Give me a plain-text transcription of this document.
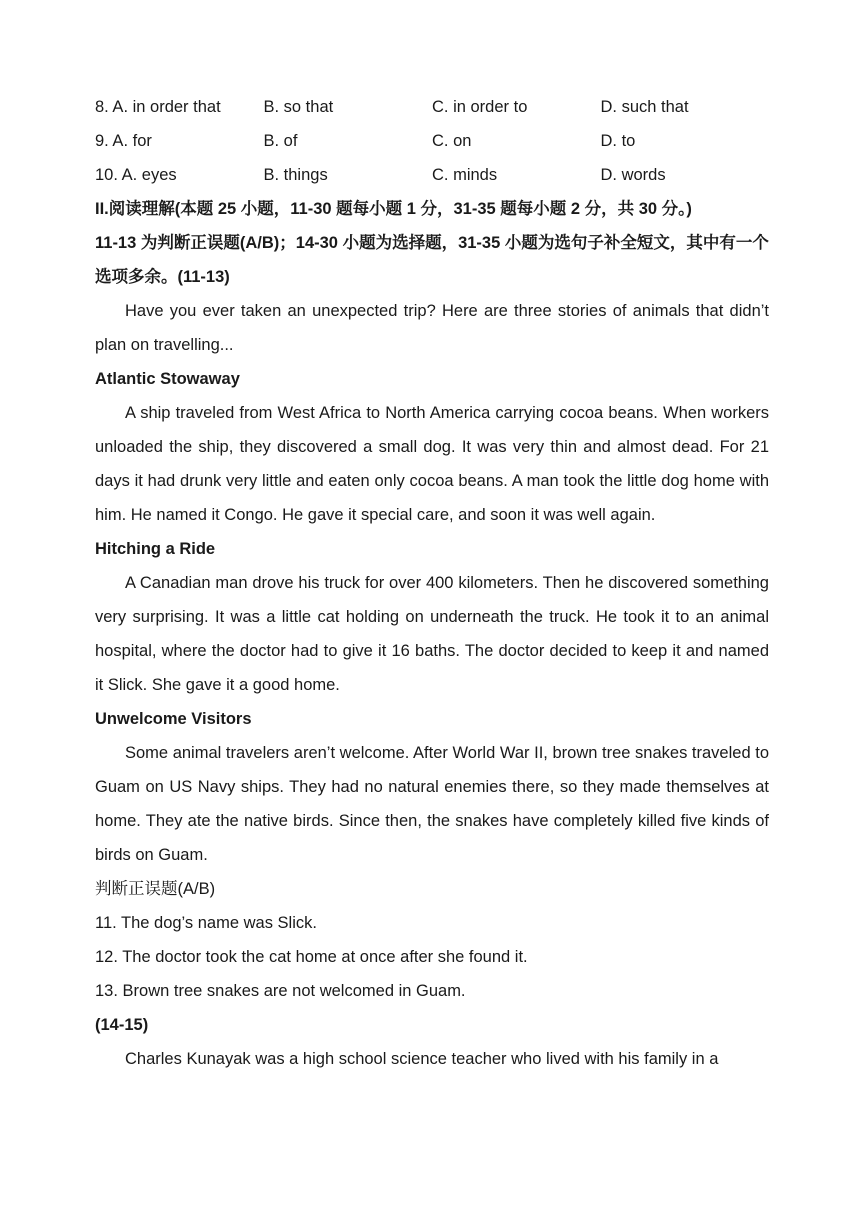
8. A. in order that	B. so that	C. in order to	D. such that
9. A. for	B. of	C. on	D. to
10. A. eyes	B. things	C. minds	D. words
II.阅读理解(本题 25 小题，11-30 题每小题 1 分，31-35 题每小题 2 分，共 30 分。)

11-13 为判断正误题(A/B)；14-30 小题为选择题，31-35 小题为选句子补全短文，其中有一个选项多余。(11-13)

Have you ever taken an unexpected trip? Here are three stories of animals that didn’t plan on travelling...

Atlantic Stowaway

A ship traveled from West Africa to North America carrying cocoa beans. When workers unloaded the ship, they discovered a small dog. It was very thin and almost dead. For 21 days it had drunk very little and eaten only cocoa beans. A man took the little dog home with him. He named it Congo. He gave it special care, and soon it was well again.

Hitching a Ride

A Canadian man drove his truck for over 400 kilometers. Then he discovered something very surprising. It was a little cat holding on underneath the truck. He took it to an animal hospital, where the doctor had to give it 16 baths. The doctor decided to keep it and named it Slick. She gave it a good home.

Unwelcome Visitors

Some animal travelers aren’t welcome. After World War II, brown tree snakes traveled to Guam on US Navy ships. They had no natural enemies there, so they made themselves at home. They ate the native birds. Since then, the snakes have completely killed five kinds of birds on Guam.

判断正误题(A/B)
11. The dog’s name was Slick.
12. The doctor took the cat home at once after she found it.
13. Brown tree snakes are not welcomed in Guam.
(14-15)

Charles Kunayak was a high school science teacher who lived with his family in a
